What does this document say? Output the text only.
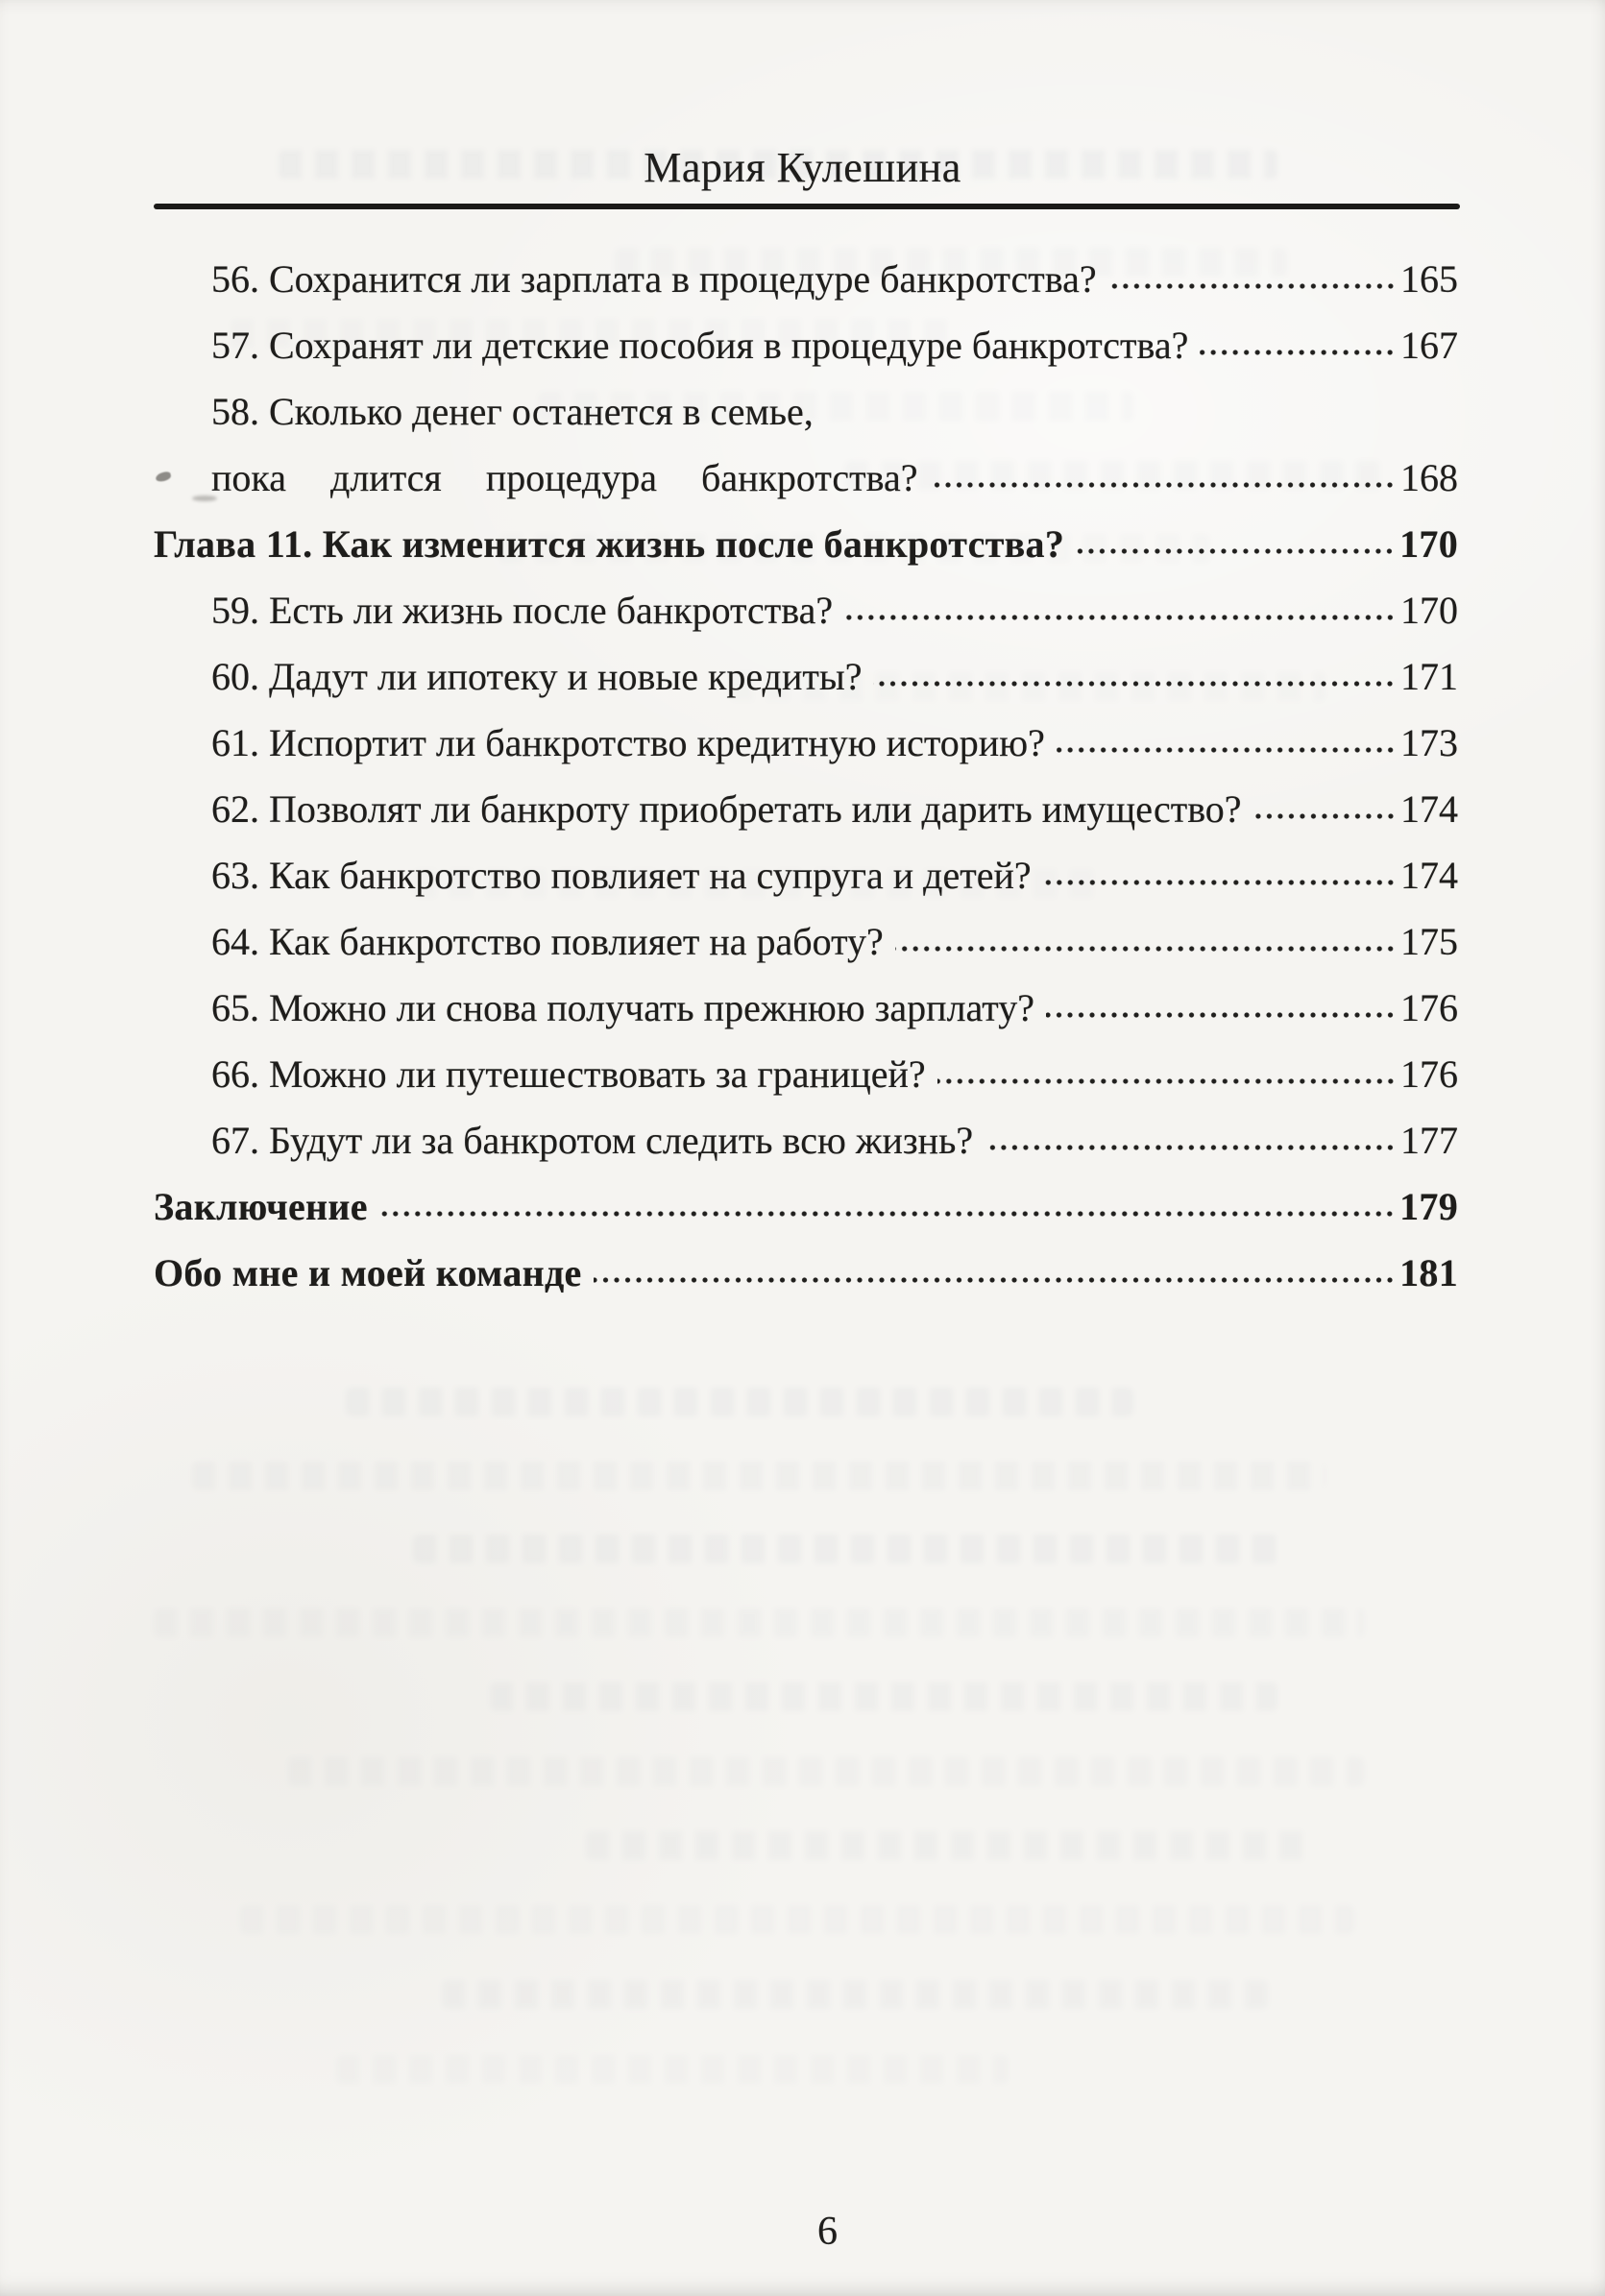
Мария Кулешина
56. Сохранится ли зарплата в процедуре банкротства?	165
57. Сохранят ли детские пособия в процедуре банкротства?	167
58. Сколько денег останется в семье,
пока длится процедура банкротства?	168
Глава 11. Как изменится жизнь после банкротства?	170
59. Есть ли жизнь после банкротства?	170
60. Дадут ли ипотеку и новые кредиты?	171
61. Испортит ли банкротство кредитную историю?	173
62. Позволят ли банкроту приобретать или дарить имущество?	174
63. Как банкротство повлияет на супруга и детей?	174
64. Как банкротство повлияет на работу?	175
65. Можно ли снова получать прежнюю зарплату?	176
66. Можно ли путешествовать за границей?	176
67. Будут ли за банкротом следить всю жизнь?	177
Заключение	179
Обо мне и моей команде	181
6
